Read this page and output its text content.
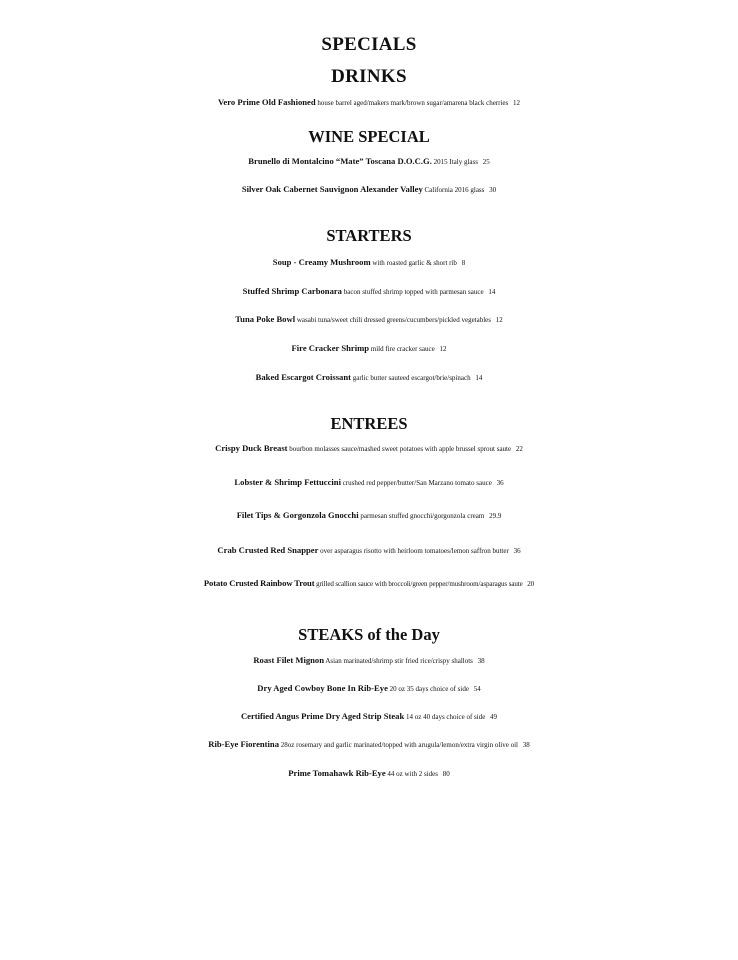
SPECIALS
DRINKS
Vero Prime Old Fashioned house barrel aged/makers mark/brown sugar/amarena black cherries 12
WINE SPECIAL
Brunello di Montalcino “Mate” Toscana D.O.C.G. 2015 Italy glass 25
Silver Oak Cabernet Sauvignon Alexander Valley California 2016 glass 30
STARTERS
Soup - Creamy Mushroom with roasted garlic & short rib 8
Stuffed Shrimp Carbonara bacon stuffed shrimp topped with parmesan sauce 14
Tuna Poke Bowl wasabi tuna/sweet chili dressed greens/cucumbers/pickled vegetables 12
Fire Cracker Shrimp mild fire cracker sauce 12
Baked Escargot Croissant garlic butter sauteed escargot/brie/spinach 14
ENTREES
Crispy Duck Breast bourbon molasses sauce/mashed sweet potatoes with apple brussel sprout saute 22
Lobster & Shrimp Fettuccini crushed red pepper/butter/San Marzano tomato sauce 36
Filet Tips & Gorgonzola Gnocchi parmesan stuffed gnocchi/gorgonzola cream 29.9
Crab Crusted Red Snapper over asparagus risotto with heirloom tomatoes/lemon saffron butter 36
Potato Crusted Rainbow Trout grilled scallion sauce with broccoli/green pepper/mushroom/asparagus saute 20
STEAKS of the Day
Roast Filet Mignon Asian marinated/shrimp stir fried rice/crispy shallots 38
Dry Aged Cowboy Bone In Rib-Eye 20 oz 35 days choice of side 54
Certified Angus Prime Dry Aged Strip Steak 14 oz 40 days choice of side 49
Rib-Eye Fiorentina 28oz rosemary and garlic marinated/topped with arugula/lemon/extra virgin olive oil 38
Prime Tomahawk Rib-Eye 44 oz with 2 sides 80
